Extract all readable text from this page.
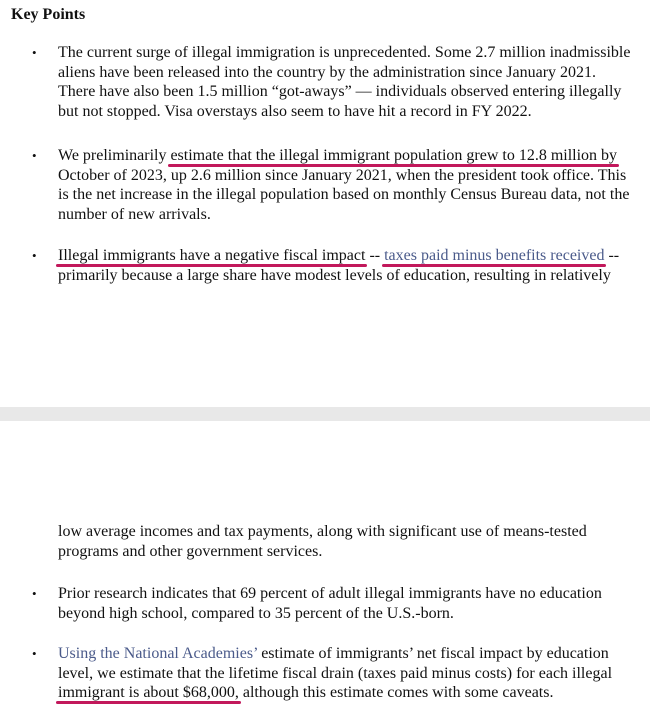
Key Points
• The current surge of illegal immigration is unprecedented. Some 2.7 million inadmissible
aliens have been released into the country by the administration since January 2021.
There have also been 1.5 million “got-aways” — individuals observed entering illegally
but not stopped. Visa overstays also seem to have hit a record in FY 2022.
• We preliminarily estimate that the illegal immigrant population grew to 12.8 million by
October of 2023, up 2.6 million since January 2021, when the president took office. This
is the net increase in the illegal population based on monthly Census Bureau data, not the
number of new arrivals.
• Illegal immigrants have a negative fiscal impact -- taxes paid minus benefits received --
primarily because a large share have modest levels of education, resulting in relatively
low average incomes and tax payments, along with significant use of means-tested
programs and other government services.
• Prior research indicates that 69 percent of adult illegal immigrants have no education
beyond high school, compared to 35 percent of the U.S.-born.
• Using the National Academies’ estimate of immigrants’ net fiscal impact by education
level, we estimate that the lifetime fiscal drain (taxes paid minus costs) for each illegal
immigrant is about $68,000, although this estimate comes with some caveats.
